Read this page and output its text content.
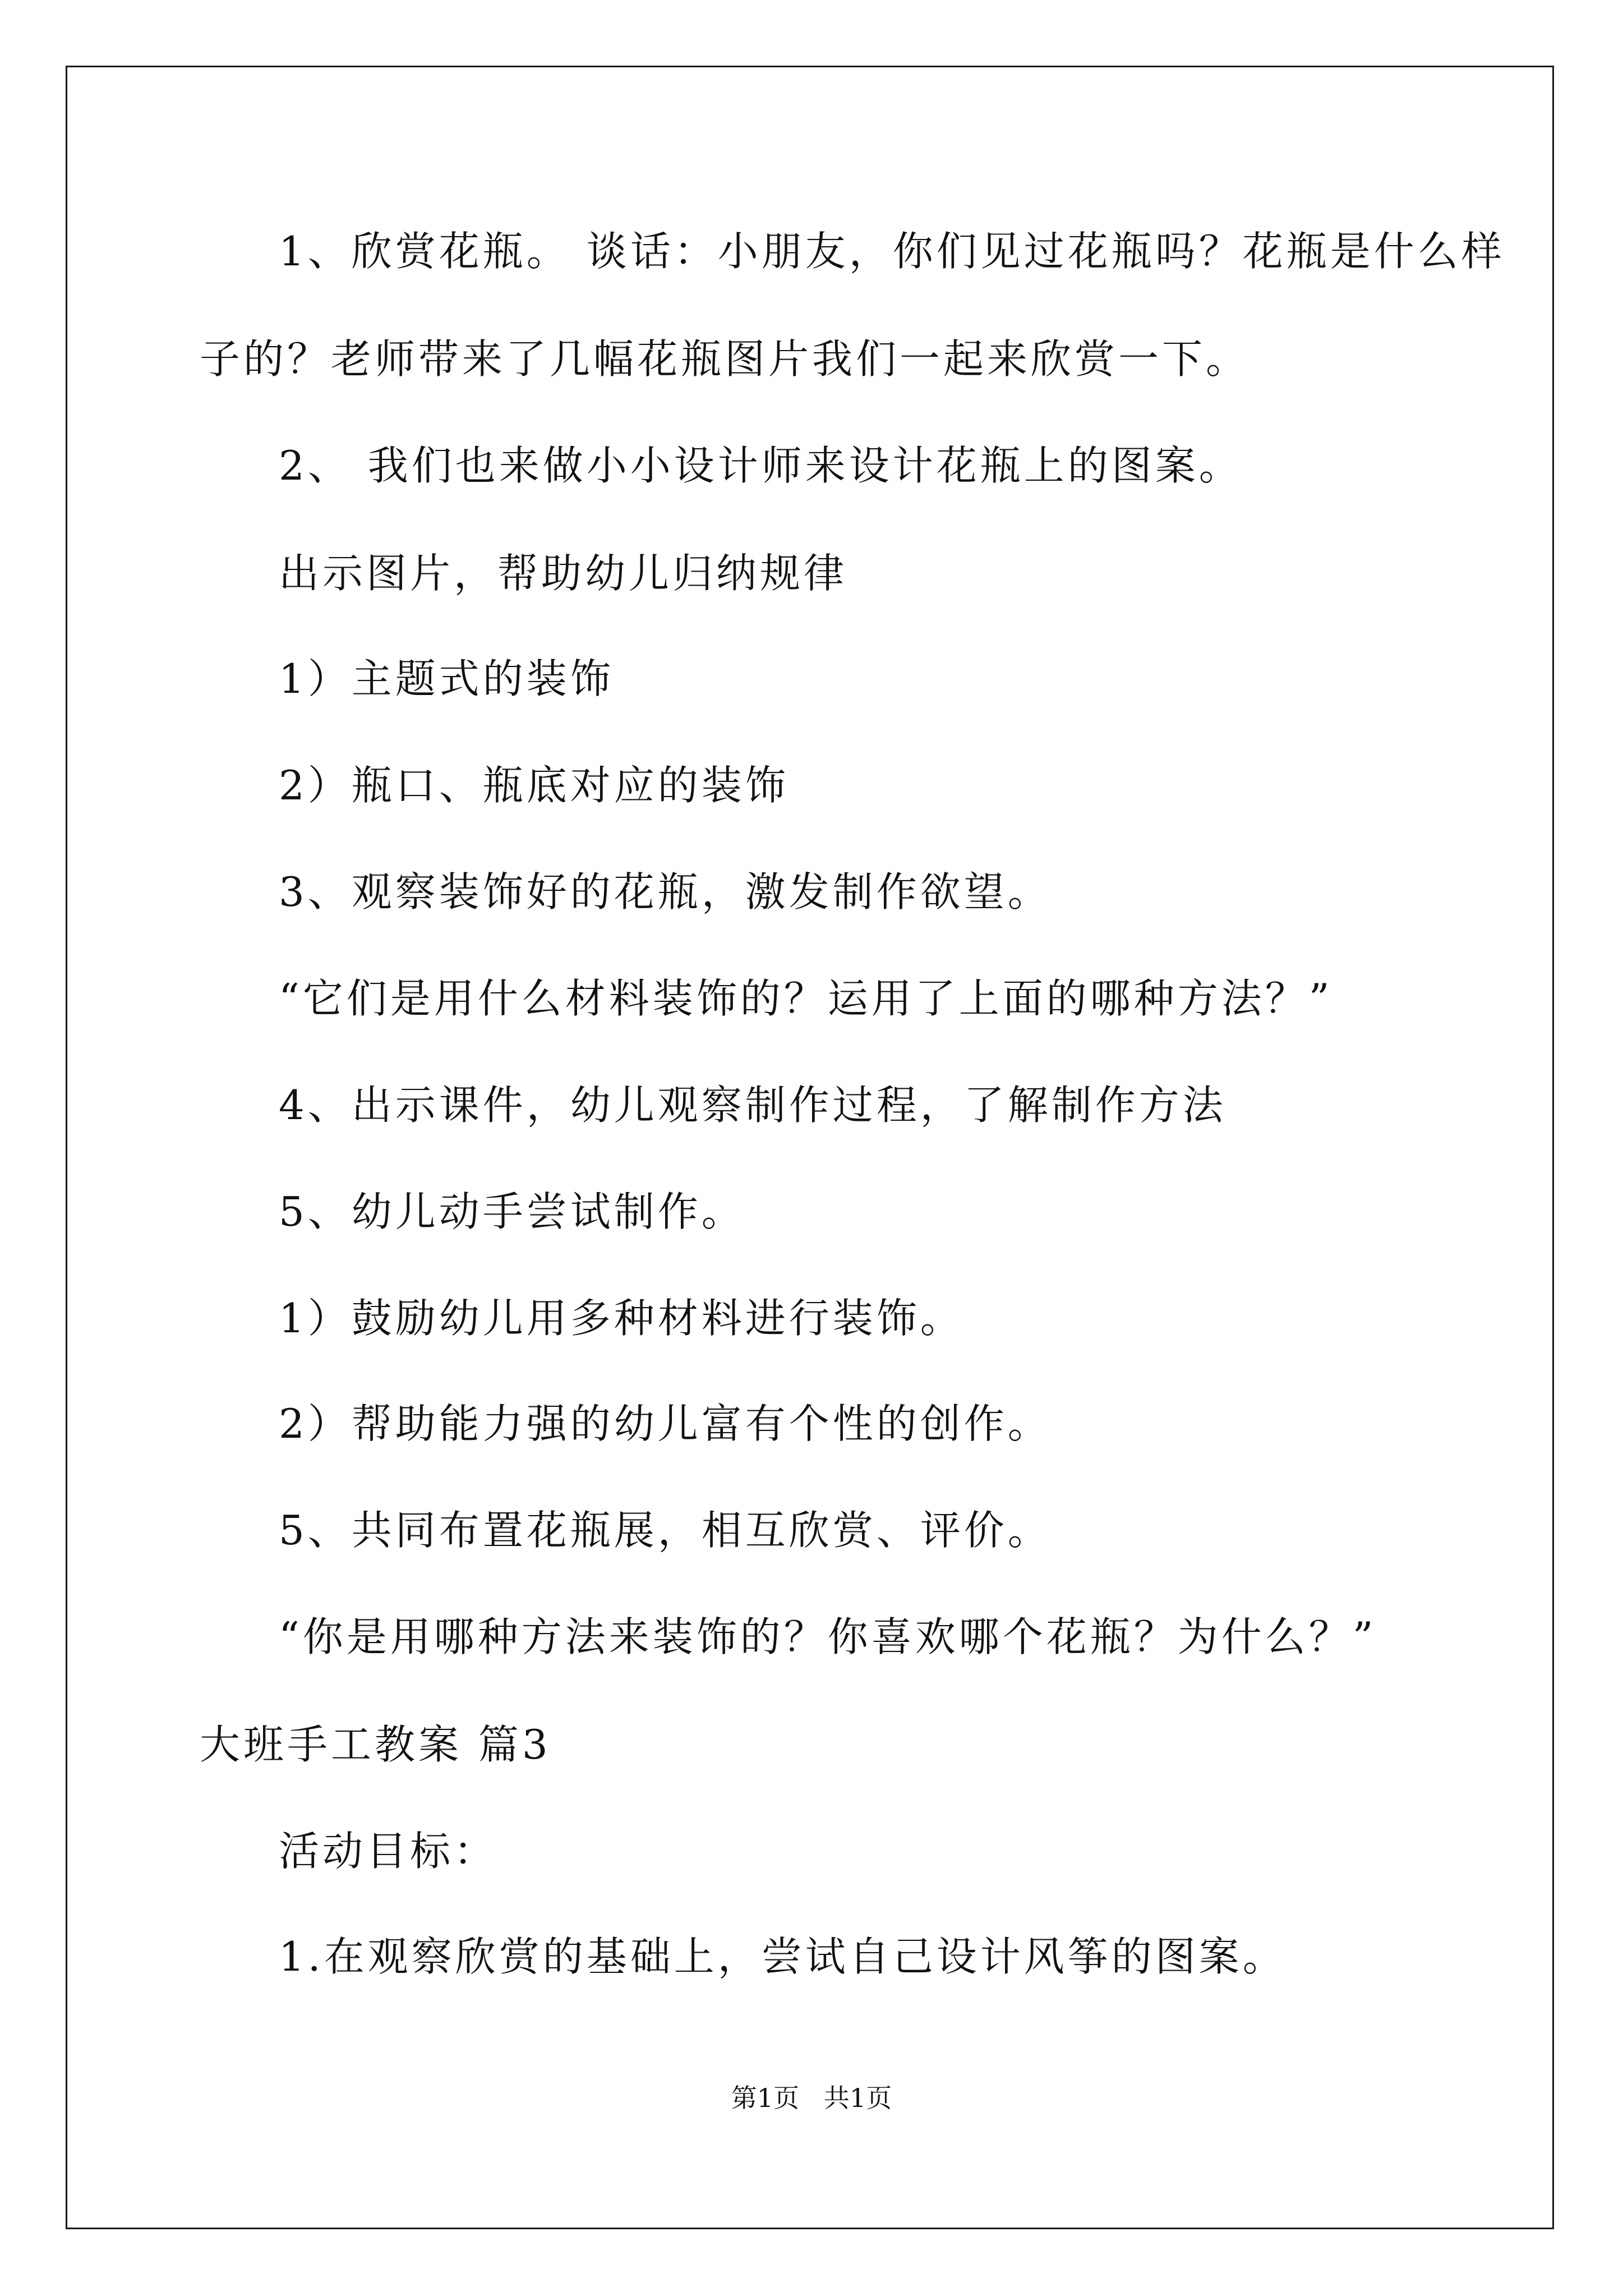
1、欣赏花瓶。 谈话：小朋友，你们见过花瓶吗？花瓶是什么样

子的？老师带来了几幅花瓶图片我们一起来欣赏一下。

2、 我们也来做小小设计师来设计花瓶上的图案。

出示图片，帮助幼儿归纳规律

1）主题式的装饰

2）瓶口、瓶底对应的装饰

3、观察装饰好的花瓶，激发制作欲望。

“它们是用什么材料装饰的？运用了上面的哪种方法？”

4、出示课件，幼儿观察制作过程，了解制作方法

5、幼儿动手尝试制作。

1）鼓励幼儿用多种材料进行装饰。

2）帮助能力强的幼儿富有个性的创作。

5、共同布置花瓶展，相互欣赏、评价。

“你是用哪种方法来装饰的？你喜欢哪个花瓶？为什么？”

大班手工教案 篇3

活动目标：

1.在观察欣赏的基础上，尝试自己设计风筝的图案。

第1页   共1页
